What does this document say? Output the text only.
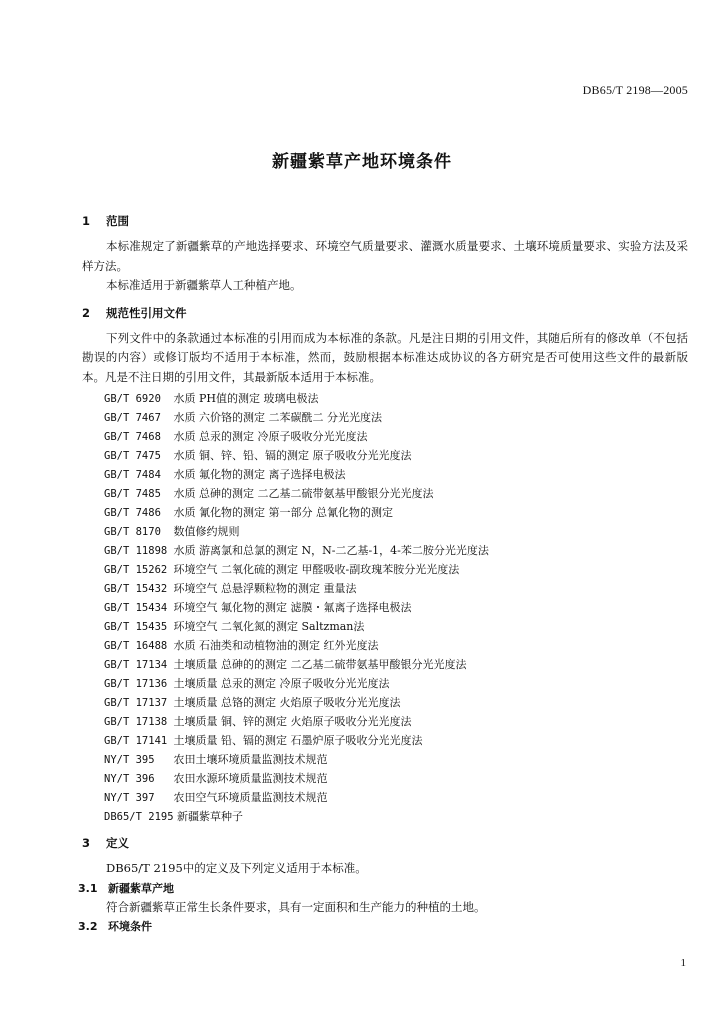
DB65/T 2198—2005
新疆紫草产地环境条件
1 范围

本标准规定了新疆紫草的产地选择要求、环境空气质量要求、灌溉水质量要求、土壤环境质量要求、实验方法及采样方法。

本标准适用于新疆紫草人工种植产地。

2 规范性引用文件

下列文件中的条款通过本标准的引用而成为本标准的条款。凡是注日期的引用文件，其随后所有的修改单（不包括勘误的内容）或修订版均不适用于本标准，然而，鼓励根据本标准达成协议的各方研究是否可使用这些文件的最新版本。凡是不注日期的引用文件，其最新版本适用于本标准。

GB/T 6920 水质 PH值的测定 玻璃电极法
GB/T 7467 水质 六价铬的测定 二苯碳酰二 分光光度法
GB/T 7468 水质 总汞的测定 冷原子吸收分光光度法
GB/T 7475 水质 铜、锌、铅、镉的测定 原子吸收分光光度法
GB/T 7484 水质 氟化物的测定 离子选择电极法
GB/T 7485 水质 总砷的测定 二乙基二硫带氨基甲酸银分光光度法
GB/T 7486 水质 氰化物的测定 第一部分 总氰化物的测定
GB/T 8170 数值修约规则
GB/T 11898 水质 游离氯和总氯的测定 N，N-二乙基-1，4-苯二胺分光光度法
GB/T 15262 环境空气 二氧化硫的测定 甲醛吸收-副玫瑰苯胺分光光度法
GB/T 15432 环境空气 总悬浮颗粒物的测定 重量法
GB/T 15434 环境空气 氟化物的测定 滤膜・氟离子选择电极法
GB/T 15435 环境空气 二氧化氮的测定 Saltzman法
GB/T 16488 水质 石油类和动植物油的测定 红外光度法
GB/T 17134 土壤质量 总砷的的测定 二乙基二硫带氨基甲酸银分光光度法
GB/T 17136 土壤质量 总汞的测定 冷原子吸收分光光度法
GB/T 17137 土壤质量 总铬的测定 火焰原子吸收分光光度法
GB/T 17138 土壤质量 铜、锌的测定 火焰原子吸收分光光度法
GB/T 17141 土壤质量 铅、镉的测定 石墨炉原子吸收分光光度法
NY/T 395 农田土壤环境质量监测技术规范
NY/T 396 农田水源环境质量监测技术规范
NY/T 397 农田空气环境质量监测技术规范
DB65/T 2195 新疆紫草种子
3 定义

DB65/T 2195中的定义及下列定义适用于本标准。

3.1 新疆紫草产地

符合新疆紫草正常生长条件要求，具有一定面积和生产能力的种植的土地。

3.2 环境条件
1
